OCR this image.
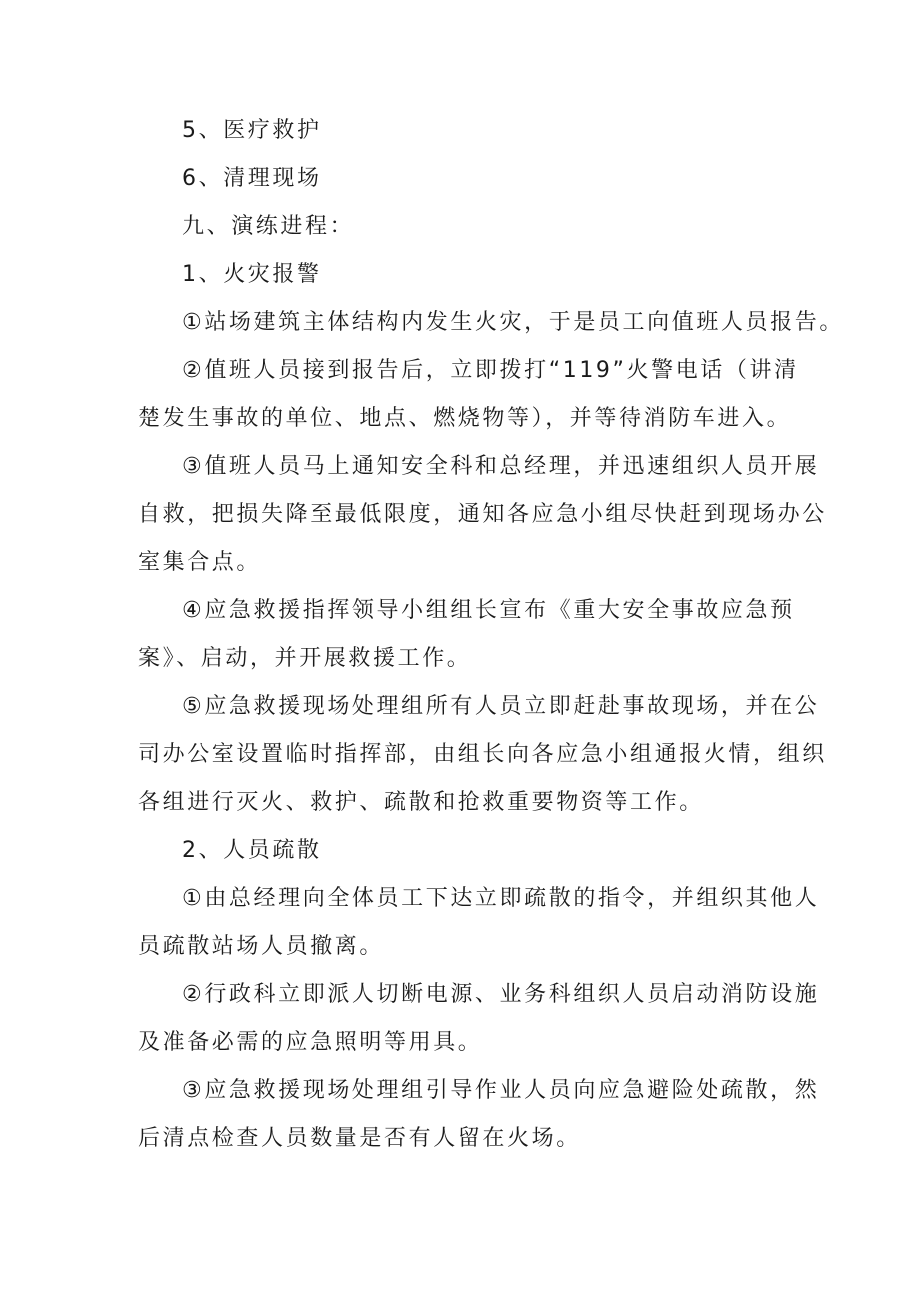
5、医疗救护

6、清理现场

九、演练进程：

1、火灾报警

①站场建筑主体结构内发生火灾，于是员工向值班人员报告。

②值班人员接到报告后，立即拨打“119”火警电话（讲清

楚发生事故的单位、地点、燃烧物等），并等待消防车进入。

③值班人员马上通知安全科和总经理，并迅速组织人员开展

自救，把损失降至最低限度，通知各应急小组尽快赶到现场办公

室集合点。

④应急救援指挥领导小组组长宣布《重大安全事故应急预

案》、启动，并开展救援工作。

⑤应急救援现场处理组所有人员立即赶赴事故现场，并在公

司办公室设置临时指挥部，由组长向各应急小组通报火情，组织

各组进行灭火、救护、疏散和抢救重要物资等工作。

2、人员疏散

①由总经理向全体员工下达立即疏散的指令，并组织其他人

员疏散站场人员撤离。

②行政科立即派人切断电源、业务科组织人员启动消防设施

及准备必需的应急照明等用具。

③应急救援现场处理组引导作业人员向应急避险处疏散，然

后清点检查人员数量是否有人留在火场。
